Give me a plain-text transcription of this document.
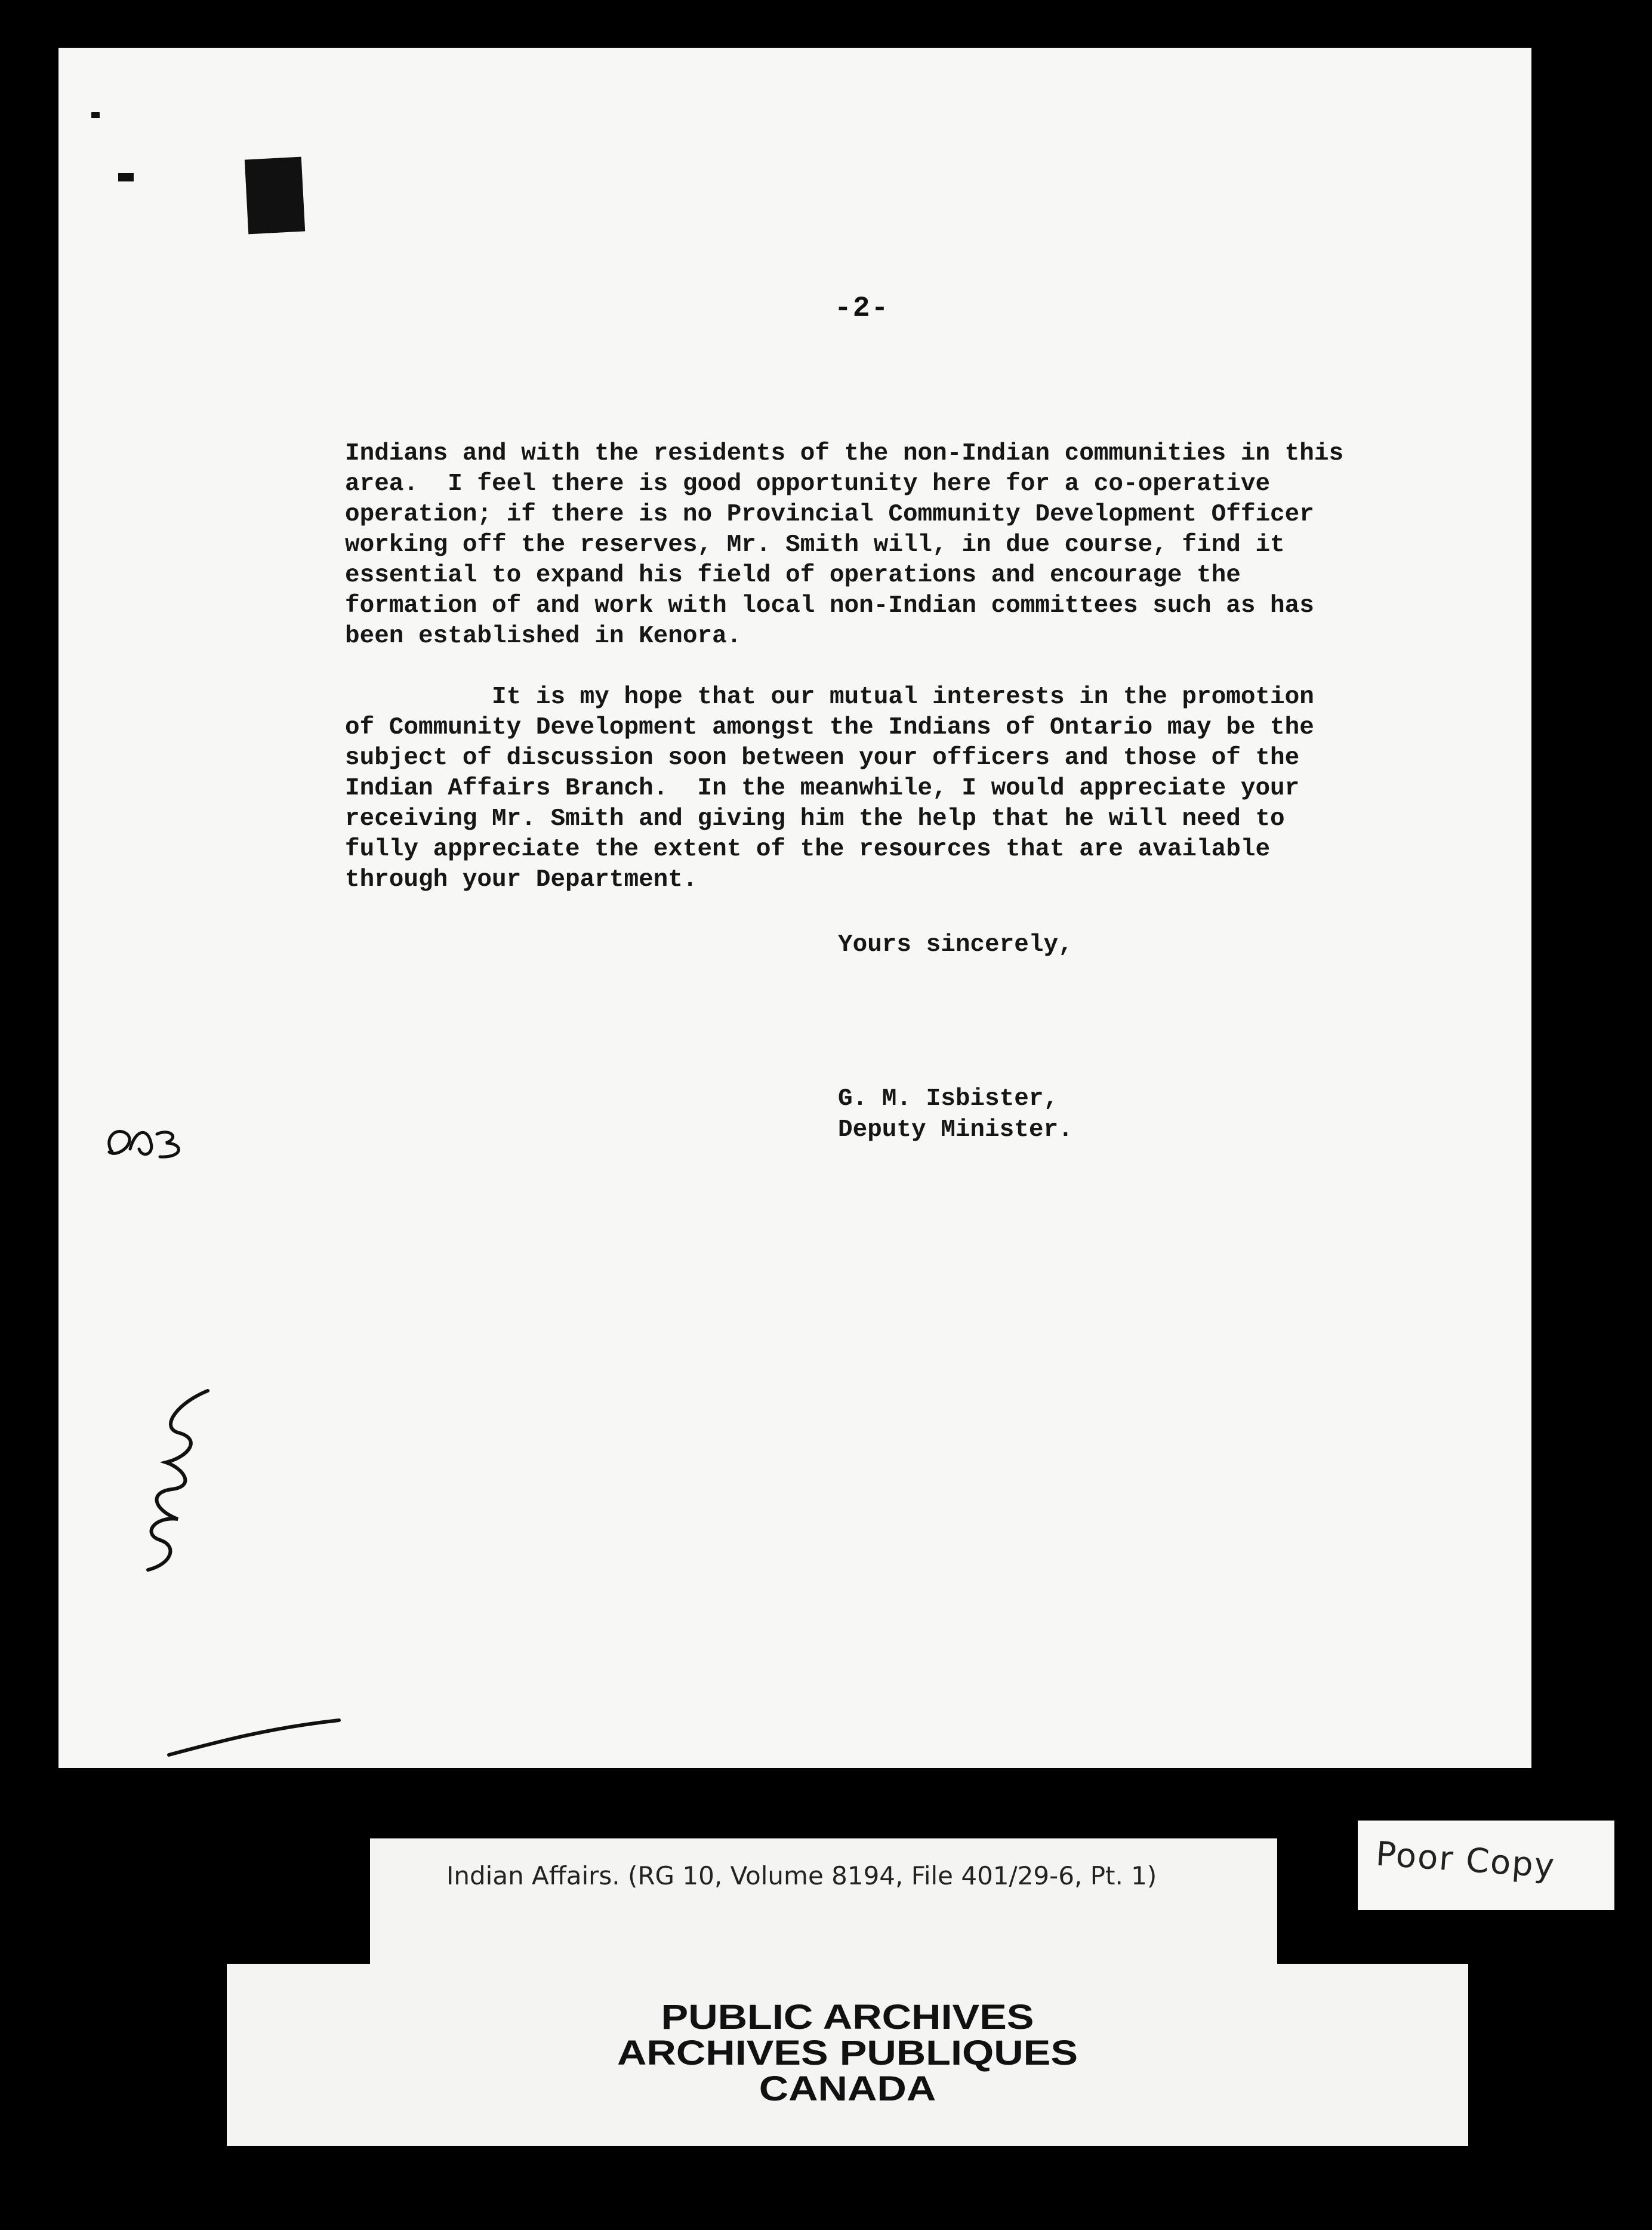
-2-

Indians and with the residents of the non-Indian communities in this
area.  I feel there is good opportunity here for a co-operative
operation; if there is no Provincial Community Development Officer
working off the reserves, Mr. Smith will, in due course, find it
essential to expand his field of operations and encourage the
formation of and work with local non-Indian committees such as has
been established in Kenora.

It is my hope that our mutual interests in the promotion
of Community Development amongst the Indians of Ontario may be the
subject of discussion soon between your officers and those of the
Indian Affairs Branch.  In the meanwhile, I would appreciate your
receiving Mr. Smith and giving him the help that he will need to
fully appreciate the extent of the resources that are available
through your Department.

Yours sincerely,
G. M. Isbister,
Deputy Minister.
Indian Affairs. (RG 10, Volume 8194, File 401/29-6, Pt. 1)
PUBLIC ARCHIVES
ARCHIVES PUBLIQUES
CANADA
Poor Copy
